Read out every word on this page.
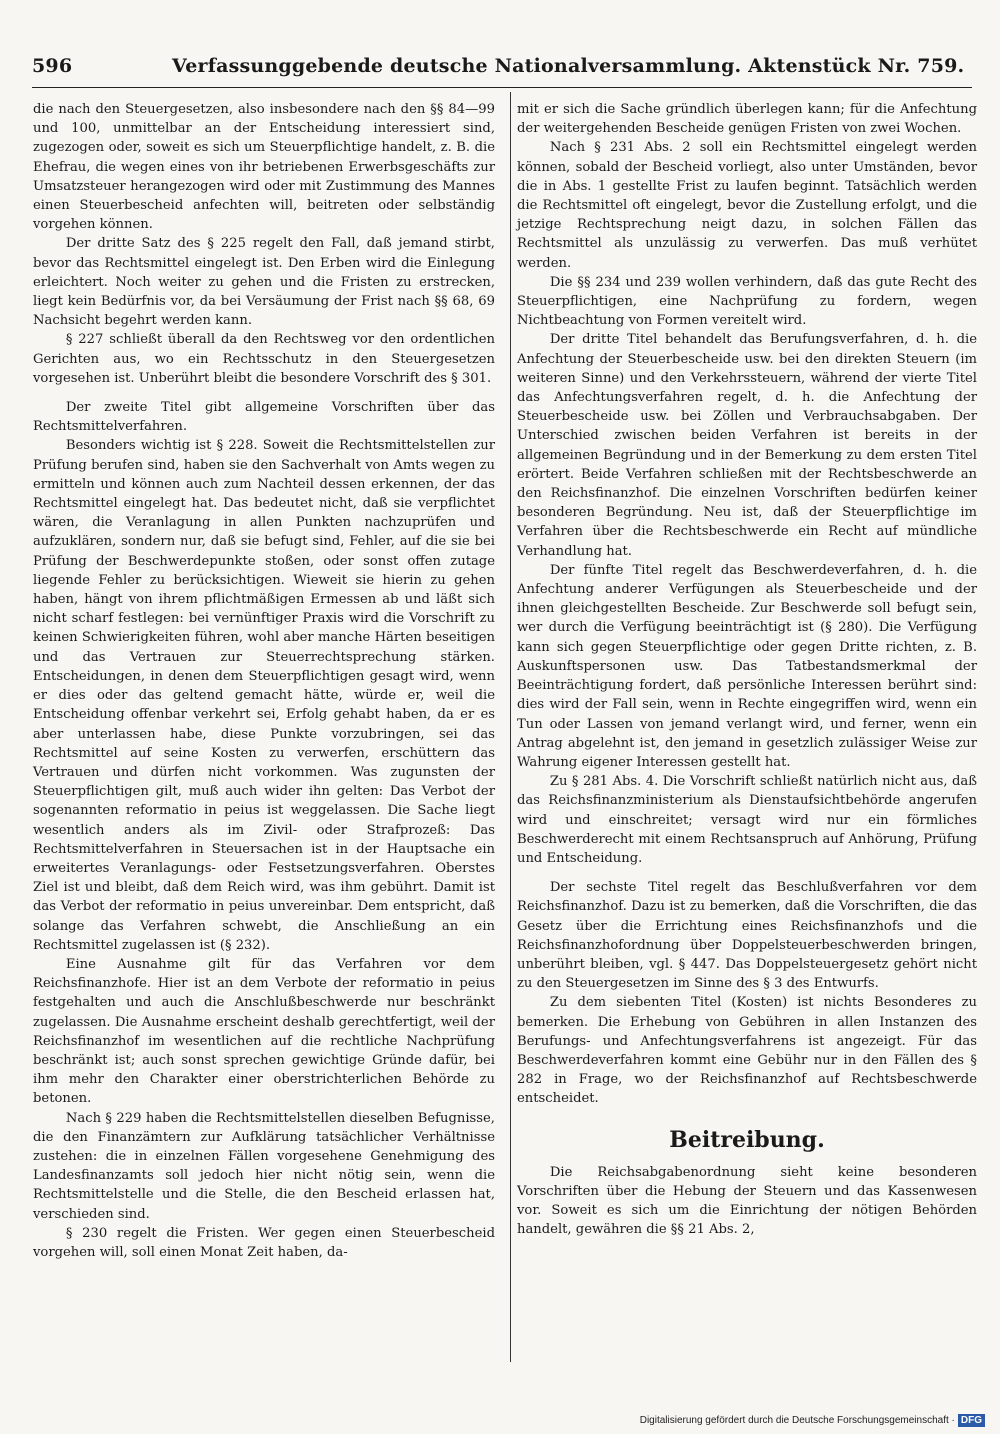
596	Verfassunggebende deutsche Nationalversammlung. Aktenstück Nr. 759.

die nach den Steuergesetzen, also insbesondere nach den §§ 84—99 und 100, unmittelbar an der Entscheidung interessiert sind, zugezogen oder, soweit es sich um Steuerpflichtige handelt, z. B. die Ehefrau, die wegen eines von ihr betriebenen Erwerbsgeschäfts zur Umsatzsteuer herangezogen wird oder mit Zustimmung des Mannes einen Steuerbescheid anfechten will, beitreten oder selbständig vorgehen können.

Der dritte Satz des § 225 regelt den Fall, daß jemand stirbt, bevor das Rechtsmittel eingelegt ist. Den Erben wird die Einlegung erleichtert. Noch weiter zu gehen und die Fristen zu erstrecken, liegt kein Bedürfnis vor, da bei Versäumung der Frist nach §§ 68, 69 Nachsicht begehrt werden kann.

§ 227 schließt überall da den Rechtsweg vor den ordentlichen Gerichten aus, wo ein Rechtsschutz in den Steuergesetzen vorgesehen ist. Unberührt bleibt die besondere Vorschrift des § 301.

Der zweite Titel gibt allgemeine Vorschriften über das Rechtsmittelverfahren.

Besonders wichtig ist § 228. Soweit die Rechtsmittelstellen zur Prüfung berufen sind, haben sie den Sachverhalt von Amts wegen zu ermitteln und können auch zum Nachteil dessen erkennen, der das Rechtsmittel eingelegt hat. Das bedeutet nicht, daß sie verpflichtet wären, die Veranlagung in allen Punkten nachzuprüfen und aufzuklären, sondern nur, daß sie befugt sind, Fehler, auf die sie bei Prüfung der Beschwerdepunkte stoßen, oder sonst offen zutage liegende Fehler zu berücksichtigen. Wieweit sie hierin zu gehen haben, hängt von ihrem pflichtmäßigen Ermessen ab und läßt sich nicht scharf festlegen: bei vernünftiger Praxis wird die Vorschrift zu keinen Schwierigkeiten führen, wohl aber manche Härten beseitigen und das Vertrauen zur Steuerrechtsprechung stärken. Entscheidungen, in denen dem Steuerpflichtigen gesagt wird, wenn er dies oder das geltend gemacht hätte, würde er, weil die Entscheidung offenbar verkehrt sei, Erfolg gehabt haben, da er es aber unterlassen habe, diese Punkte vorzubringen, sei das Rechtsmittel auf seine Kosten zu verwerfen, erschüttern das Vertrauen und dürfen nicht vorkommen. Was zugunsten der Steuerpflichtigen gilt, muß auch wider ihn gelten: Das Verbot der sogenannten reformatio in peius ist weggelassen. Die Sache liegt wesentlich anders als im Zivil- oder Strafprozeß: Das Rechtsmittelverfahren in Steuersachen ist in der Hauptsache ein erweitertes Veranlagungs- oder Festsetzungsverfahren. Oberstes Ziel ist und bleibt, daß dem Reich wird, was ihm gebührt. Damit ist das Verbot der reformatio in peius unvereinbar. Dem entspricht, daß solange das Verfahren schwebt, die Anschließung an ein Rechtsmittel zugelassen ist (§ 232).

Eine Ausnahme gilt für das Verfahren vor dem Reichsfinanzhofe. Hier ist an dem Verbote der reformatio in peius festgehalten und auch die Anschlußbeschwerde nur beschränkt zugelassen. Die Ausnahme erscheint deshalb gerechtfertigt, weil der Reichsfinanzhof im wesentlichen auf die rechtliche Nachprüfung beschränkt ist; auch sonst sprechen gewichtige Gründe dafür, bei ihm mehr den Charakter einer oberstrichterlichen Behörde zu betonen.

Nach § 229 haben die Rechtsmittelstellen dieselben Befugnisse, die den Finanzämtern zur Aufklärung tatsächlicher Verhältnisse zustehen: die in einzelnen Fällen vorgesehene Genehmigung des Landesfinanzamts soll jedoch hier nicht nötig sein, wenn die Rechtsmittelstelle und die Stelle, die den Bescheid erlassen hat, verschieden sind.

§ 230 regelt die Fristen. Wer gegen einen Steuerbescheid vorgehen will, soll einen Monat Zeit haben, da-

mit er sich die Sache gründlich überlegen kann; für die Anfechtung der weitergehenden Bescheide genügen Fristen von zwei Wochen.

Nach § 231 Abs. 2 soll ein Rechtsmittel eingelegt werden können, sobald der Bescheid vorliegt, also unter Umständen, bevor die in Abs. 1 gestellte Frist zu laufen beginnt. Tatsächlich werden die Rechtsmittel oft eingelegt, bevor die Zustellung erfolgt, und die jetzige Rechtsprechung neigt dazu, in solchen Fällen das Rechtsmittel als unzulässig zu verwerfen. Das muß verhütet werden.

Die §§ 234 und 239 wollen verhindern, daß das gute Recht des Steuerpflichtigen, eine Nachprüfung zu fordern, wegen Nichtbeachtung von Formen vereitelt wird.

Der dritte Titel behandelt das Berufungsverfahren, d. h. die Anfechtung der Steuerbescheide usw. bei den direkten Steuern (im weiteren Sinne) und den Verkehrssteuern, während der vierte Titel das Anfechtungsverfahren regelt, d. h. die Anfechtung der Steuerbescheide usw. bei Zöllen und Verbrauchsabgaben. Der Unterschied zwischen beiden Verfahren ist bereits in der allgemeinen Begründung und in der Bemerkung zu dem ersten Titel erörtert. Beide Verfahren schließen mit der Rechtsbeschwerde an den Reichsfinanzhof. Die einzelnen Vorschriften bedürfen keiner besonderen Begründung. Neu ist, daß der Steuerpflichtige im Verfahren über die Rechtsbeschwerde ein Recht auf mündliche Verhandlung hat.

Der fünfte Titel regelt das Beschwerdeverfahren, d. h. die Anfechtung anderer Verfügungen als Steuerbescheide und der ihnen gleichgestellten Bescheide. Zur Beschwerde soll befugt sein, wer durch die Verfügung beeinträchtigt ist (§ 280). Die Verfügung kann sich gegen Steuerpflichtige oder gegen Dritte richten, z. B. Auskunftspersonen usw. Das Tatbestandsmerkmal der Beeinträchtigung fordert, daß persönliche Interessen berührt sind: dies wird der Fall sein, wenn in Rechte eingegriffen wird, wenn ein Tun oder Lassen von jemand verlangt wird, und ferner, wenn ein Antrag abgelehnt ist, den jemand in gesetzlich zulässiger Weise zur Wahrung eigener Interessen gestellt hat.

Zu § 281 Abs. 4. Die Vorschrift schließt natürlich nicht aus, daß das Reichsfinanzministerium als Dienstaufsichtbehörde angerufen wird und einschreitet; versagt wird nur ein förmliches Beschwerderecht mit einem Rechtsanspruch auf Anhörung, Prüfung und Entscheidung.

Der sechste Titel regelt das Beschlußverfahren vor dem Reichsfinanzhof. Dazu ist zu bemerken, daß die Vorschriften, die das Gesetz über die Errichtung eines Reichsfinanzhofs und die Reichsfinanzhofordnung über Doppelsteuerbeschwerden bringen, unberührt bleiben, vgl. § 447. Das Doppelsteuergesetz gehört nicht zu den Steuergesetzen im Sinne des § 3 des Entwurfs.

Zu dem siebenten Titel (Kosten) ist nichts Besonderes zu bemerken. Die Erhebung von Gebühren in allen Instanzen des Berufungs- und Anfechtungsverfahrens ist angezeigt. Für das Beschwerdeverfahren kommt eine Gebühr nur in den Fällen des § 282 in Frage, wo der Reichsfinanzhof auf Rechtsbeschwerde entscheidet.

Beitreibung.

Die Reichsabgabenordnung sieht keine besonderen Vorschriften über die Hebung der Steuern und das Kassenwesen vor. Soweit es sich um die Einrichtung der nötigen Behörden handelt, gewähren die §§ 21 Abs. 2,

Digitalisierung gefördert durch die Deutsche Forschungsgemeinschaft · DFG
